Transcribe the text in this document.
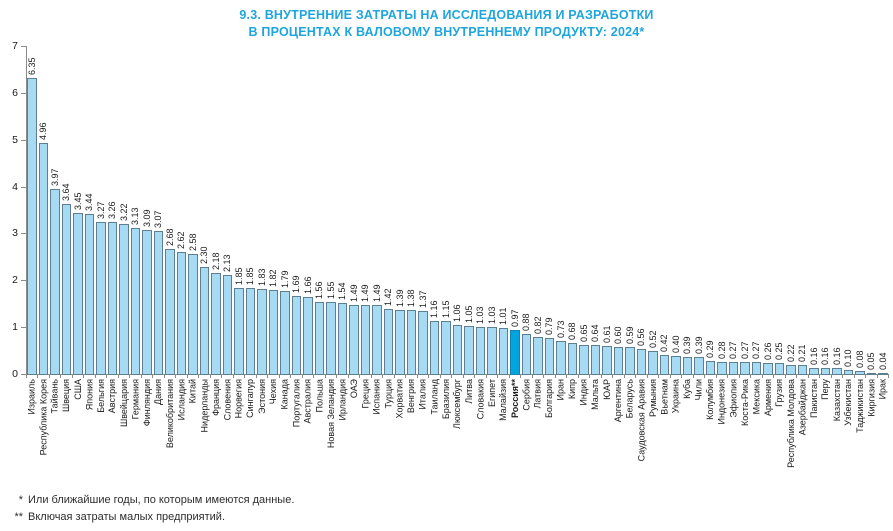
9.3. ВНУТРЕННИЕ ЗАТРАТЫ НА ИССЛЕДОВАНИЯ И РАЗРАБОТКИ
В ПРОЦЕНТАХ К ВАЛОВОМУ ВНУТРЕННЕМУ ПРОДУКТУ: 2024*
0
1
2
3
4
5
6
7
6.35
Израиль
4.96
Республика Корея
3.97
Тайвань
3.64
Швеция
3.45
США
3.44
Япония
3.27
Бельгия
3.26
Австрия
3.22
Швейцария
3.13
Германия
3.09
Финляндия
3.07
Дания
2.68
Великобритания
2.62
Исландия
2.58
Китай
2.30
Нидерланды
2.18
Франция
2.13
Словения
1.85
Норвегия
1.85
Сингапур
1.83
Эстония
1.82
Чехия
1.79
Канада
1.69
Португалия
1.66
Австралия
1.56
Польша
1.55
Новая Зеландия
1.54
Ирландия
1.49
ОАЭ
1.49
Греция
1.49
Испания
1.42
Турция
1.39
Хорватия
1.38
Венгрия
1.37
Италия
1.16
Таиланд
1.15
Бразилия
1.06
Люксембург
1.05
Литва
1.03
Словакия
1.03
Египет
1.01
Малайзия
0.97
Россия**
0.88
Сербия
0.82
Латвия
0.79
Болгария
0.73
Иран
0.68
Кипр
0.65
Индия
0.64
Мальта
0.61
ЮАР
0.60
Аргентина
0.59
Беларусь
0.56
Саудовская Аравия
0.52
Румыния
0.42
Вьетнам
0.40
Украина
0.39
Куба
0.39
Чили
0.29
Колумбия
0.28
Индонезия
0.27
Эфиопия
0.27
Коста-Рика
0.27
Мексика
0.26
Армения
0.25
Грузия
0.22
Республика Молдова
0.21
Азербайджан
0.16
Пакистан
0.16
Перу
0.16
Казахстан
0.10
Узбекистан
0.08
Таджикистан
0.05
Киргизия
0.04
Ирак
* Или ближайшие годы, по которым имеются данные.
** Включая затраты малых предприятий.
